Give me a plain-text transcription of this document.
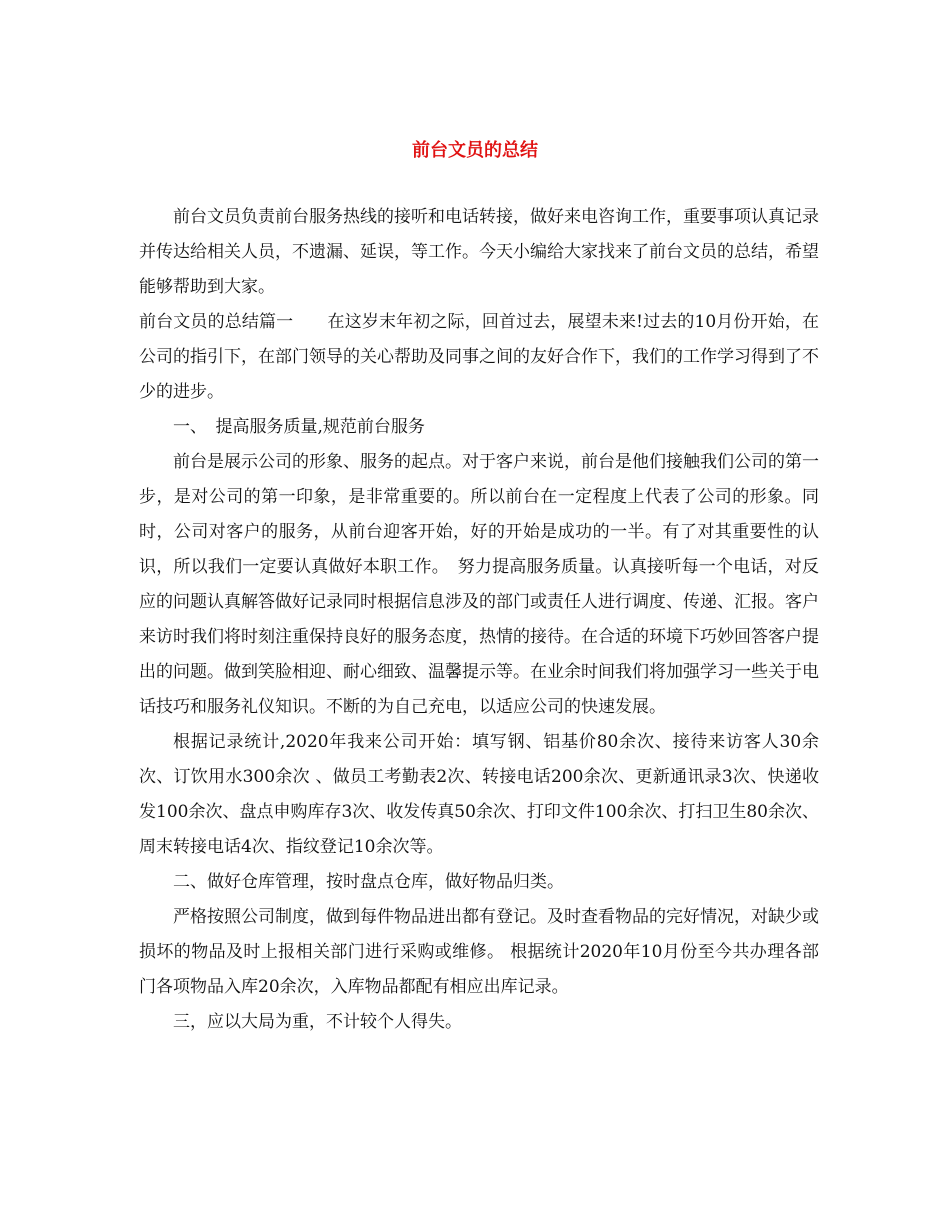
前台文员的总结

前台文员负责前台服务热线的接听和电话转接，做好来电咨询工作，重要事项认真记录并传达给相关人员，不遗漏、延误，等工作。今天小编给大家找来了前台文员的总结，希望能够帮助到大家。

前台文员的总结篇一　　在这岁末年初之际，回首过去，展望未来!过去的10月份开始，在公司的指引下，在部门领导的关心帮助及同事之间的友好合作下，我们的工作学习得到了不少的进步。

一、　提高服务质量,规范前台服务

前台是展示公司的形象、服务的起点。对于客户来说，前台是他们接触我们公司的第一步，是对公司的第一印象，是非常重要的。所以前台在一定程度上代表了公司的形象。同时，公司对客户的服务，从前台迎客开始，好的开始是成功的一半。有了对其重要性的认识，所以我们一定要认真做好本职工作。　努力提高服务质量。认真接听每一个电话，对反应的问题认真解答做好记录同时根据信息涉及的部门或责任人进行调度、传递、汇报。客户来访时我们将时刻注重保持良好的服务态度，热情的接待。在合适的环境下巧妙回答客户提出的问题。做到笑脸相迎、耐心细致、温馨提示等。在业余时间我们将加强学习一些关于电话技巧和服务礼仪知识。不断的为自己充电，以适应公司的快速发展。

根据记录统计,2020年我来公司开始：填写钢、铝基价80余次、接待来访客人30余次、订饮用水300余次 、做员工考勤表2次、转接电话200余次、更新通讯录3次、快递收发100余次、盘点申购库存3次、收发传真50余次、打印文件100余次、打扫卫生80余次、周末转接电话4次、指纹登记10余次等。

二、做好仓库管理，按时盘点仓库，做好物品归类。

严格按照公司制度，做到每件物品进出都有登记。及时查看物品的完好情况，对缺少或损坏的物品及时上报相关部门进行采购或维修。 根据统计2020年10月份至今共办理各部门各项物品入库20余次，入库物品都配有相应出库记录。

三，应以大局为重，不计较个人得失。
